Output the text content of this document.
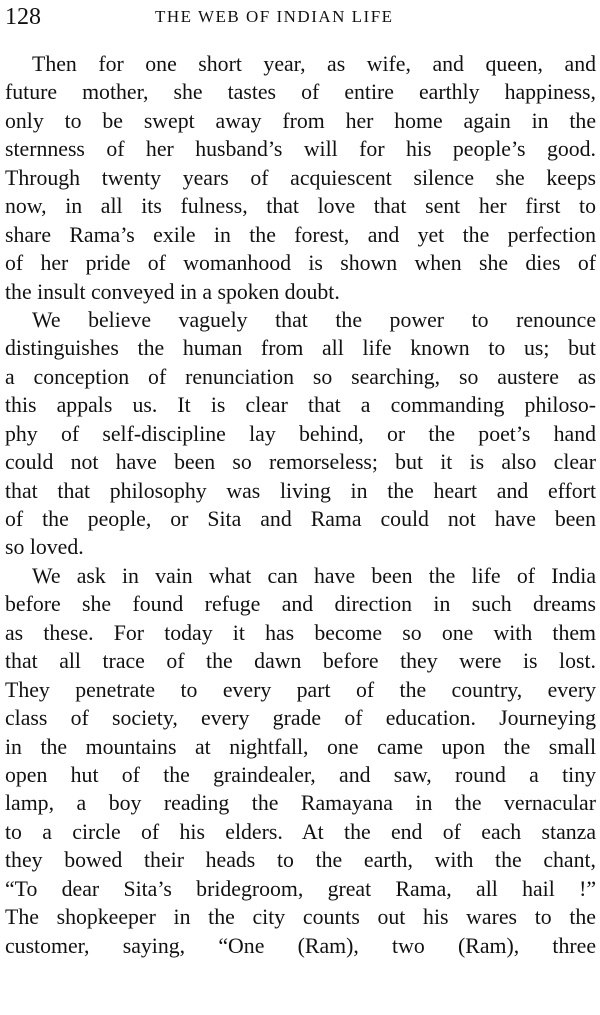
128	THE WEB OF INDIAN LIFE
Then for one short year, as wife, and queen, and
future mother, she tastes of entire earthly happiness,
only to be swept away from her home again in the
sternness of her husband’s will for his people’s good.
Through twenty years of acquiescent silence she keeps
now, in all its fulness, that love that sent her first to
share Rama’s exile in the forest, and yet the perfection
of her pride of womanhood is shown when she dies of
the insult conveyed in a spoken doubt.
We believe vaguely that the power to renounce
distinguishes the human from all life known to us; but
a conception of renunciation so searching, so austere as
this appals us. It is clear that a commanding philoso-
phy of self-discipline lay behind, or the poet’s hand
could not have been so remorseless; but it is also clear
that that philosophy was living in the heart and effort
of the people, or Sita and Rama could not have been
so loved.
We ask in vain what can have been the life of India
before she found refuge and direction in such dreams
as these. For today it has become so one with them
that all trace of the dawn before they were is lost.
They penetrate to every part of the country, every
class of society, every grade of education. Journeying
in the mountains at nightfall, one came upon the small
open hut of the graindealer, and saw, round a tiny
lamp, a boy reading the Ramayana in the vernacular
to a circle of his elders. At the end of each stanza
they bowed their heads to the earth, with the chant,
“To dear Sita’s bridegroom, great Rama, all hail !”
The shopkeeper in the city counts out his wares to the
customer, saying, “One (Ram), two (Ram), three
